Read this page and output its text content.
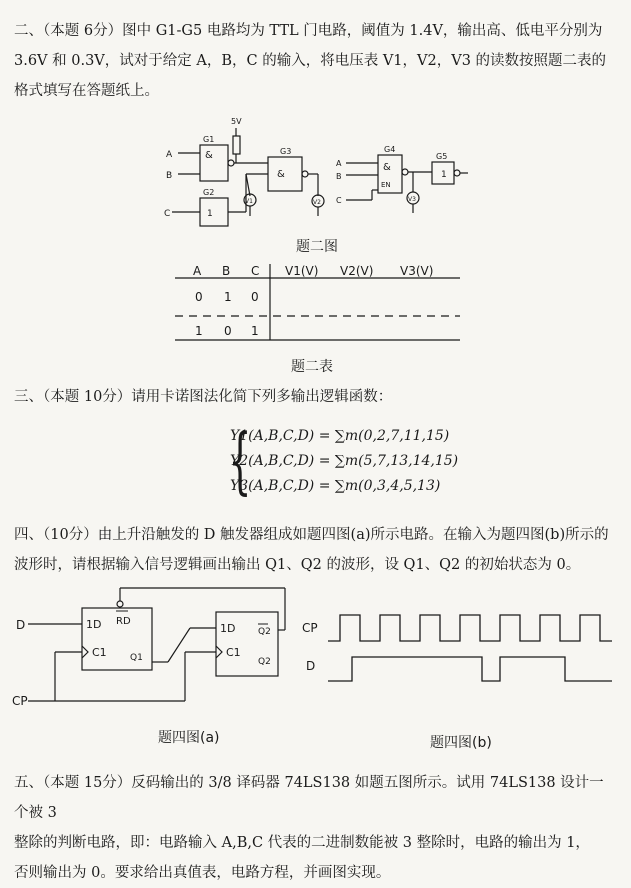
二、（本题 6分）图中 G1-G5 电路均为 TTL 门电路，阈值为 1.4V，输出高、低电平分别为
3.6V 和 0.3V，试对于给定 A，B，C 的输入，将电压表 V1，V2，V3 的读数按照题二表的
格式填写在答题纸上。
5V
A
B
C
G1
&
G2
1
G3
&
G4
&
EN
G5
1
V1	V2	V3
A
B
C
题二图
A B C V1(V) V2(V) V3(V)
0 1 0
1 0 1
题二表
三、（本题 10分）请用卡诺图法化简下列多输出逻辑函数：
{
Y1(A,B,C,D) = ∑m(0,2,7,11,15)
Y2(A,B,C,D) = ∑m(5,7,13,14,15)
Y3(A,B,C,D) = ∑m(0,3,4,5,13)
四、（10分）由上升沿触发的 D 触发器组成如题四图(a)所示电路。在输入为题四图(b)所示的
波形时，请根据输入信号逻辑画出输出 Q1、Q2 的波形，设 Q1、Q2 的初始状态为 0。
D
CP
1D
C1
RD
Q1
1D
C1
Q2
Q2
CP
D
题四图(a)	题四图(b)
五、（本题 15分）反码输出的 3/8 译码器 74LS138 如题五图所示。试用 74LS138 设计一个被 3
整除的判断电路，即：电路输入 A,B,C 代表的二进制数能被 3 整除时，电路的输出为 1，
否则输出为 0。要求给出真值表，电路方程，并画图实现。
